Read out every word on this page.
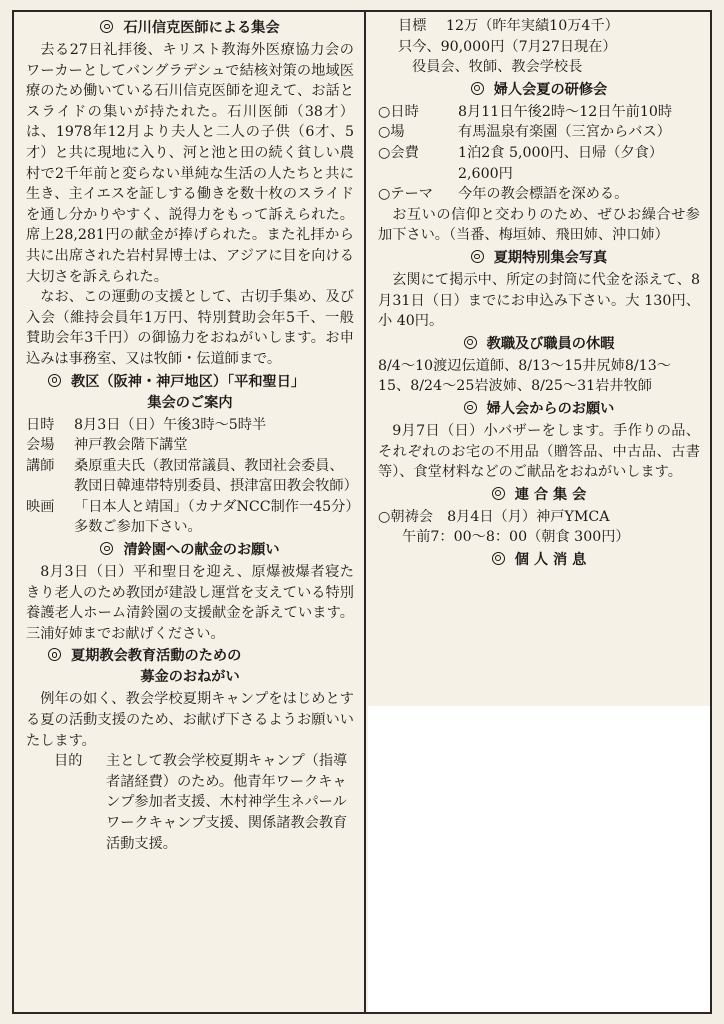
石川信克医師による集会

去る27日礼拝後、キリスト教海外医療協力会のワーカーとしてバングラデシュで結核対策の地域医療のため働いている石川信克医師を迎えて、お話とスライドの集いが持たれた。石川医師（38才）は、1978年12月より夫人と二人の子供（6才、5才）と共に現地に入り、河と池と田の続く貧しい農村で2千年前と変らない単純な生活の人たちと共に生き、主イエスを証しする働きを数十枚のスライドを通し分かりやすく、説得力をもって訴えられた。席上28,281円の献金が捧げられた。また礼拝から共に出席された岩村昇博士は、アジアに目を向ける大切さを訴えられた。

なお、この運動の支援として、古切手集め、及び入会（維持会員年1万円、特別賛助会年5千、一般賛助会年3千円）の御協力をおねがいします。お申込みは事務室、又は牧師・伝道師まで。

教区（阪神・神戸地区）「平和聖日」
集会のご案内
日時	8月3日（日）午後3時～5時半
会場	神戸教会階下講堂
講師	桑原重夫氏（教団常議員、教団社会委員、教団日韓連帯特別委員、摂津富田教会牧師）
映画	「日本人と靖国」（カナダNCC制作一45分）
多数ご参加下さい。
清鈴園への献金のお願い

8月3日（日）平和聖日を迎え、原爆被爆者寝たきり老人のため教団が建設し運営を支えている特別養護老人ホーム清鈴園の支援献金を訴えています。三浦好姉までお献げください。

夏期教会教育活動のための
募金のおねがい

例年の如く、教会学校夏期キャンプをはじめとする夏の活動支援のため、お献げ下さるようお願いいたします。

目的	主として教会学校夏期キャンプ（指導者諸経費）のため。他青年ワークキャンプ参加者支援、木村神学生ネパールワークキャンプ支援、関係諸教会教育活動支援。
目標	12万（昨年実績10万4千）
只今、90,000円（7月27日現在）
役員会、牧師、教会学校長
婦人会夏の研修会
○日時	8月11日午後2時～12日午前10時
○場	有馬温泉有楽園（三宮からバス）
○会費	1泊2食 5,000円、日帰（夕食）2,600円
○テーマ	今年の教会標語を深める。

お互いの信仰と交わりのため、ぜひお繰合せ参加下さい。（当番、梅垣姉、飛田姉、沖口姉）

夏期特別集会写真

玄関にて掲示中、所定の封筒に代金を添えて、8月31日（日）までにお申込み下さい。大 130円、小 40円。

教職及び職員の休暇
8/4～10渡辺伝道師、8/13～15井尻姉8/13～15、8/24～25岩波姉、8/25～31岩井牧師
婦人会からのお願い

9月7日（日）小バザーをします。手作りの品、それぞれのお宅の不用品（贈答品、中古品、古書等）、食堂材料などのご献品をおねがいします。

連 合 集 会
○朝祷会　8月4日（月）神戸YMCA
午前7：00～8：00（朝食 300円）
個 人 消 息
